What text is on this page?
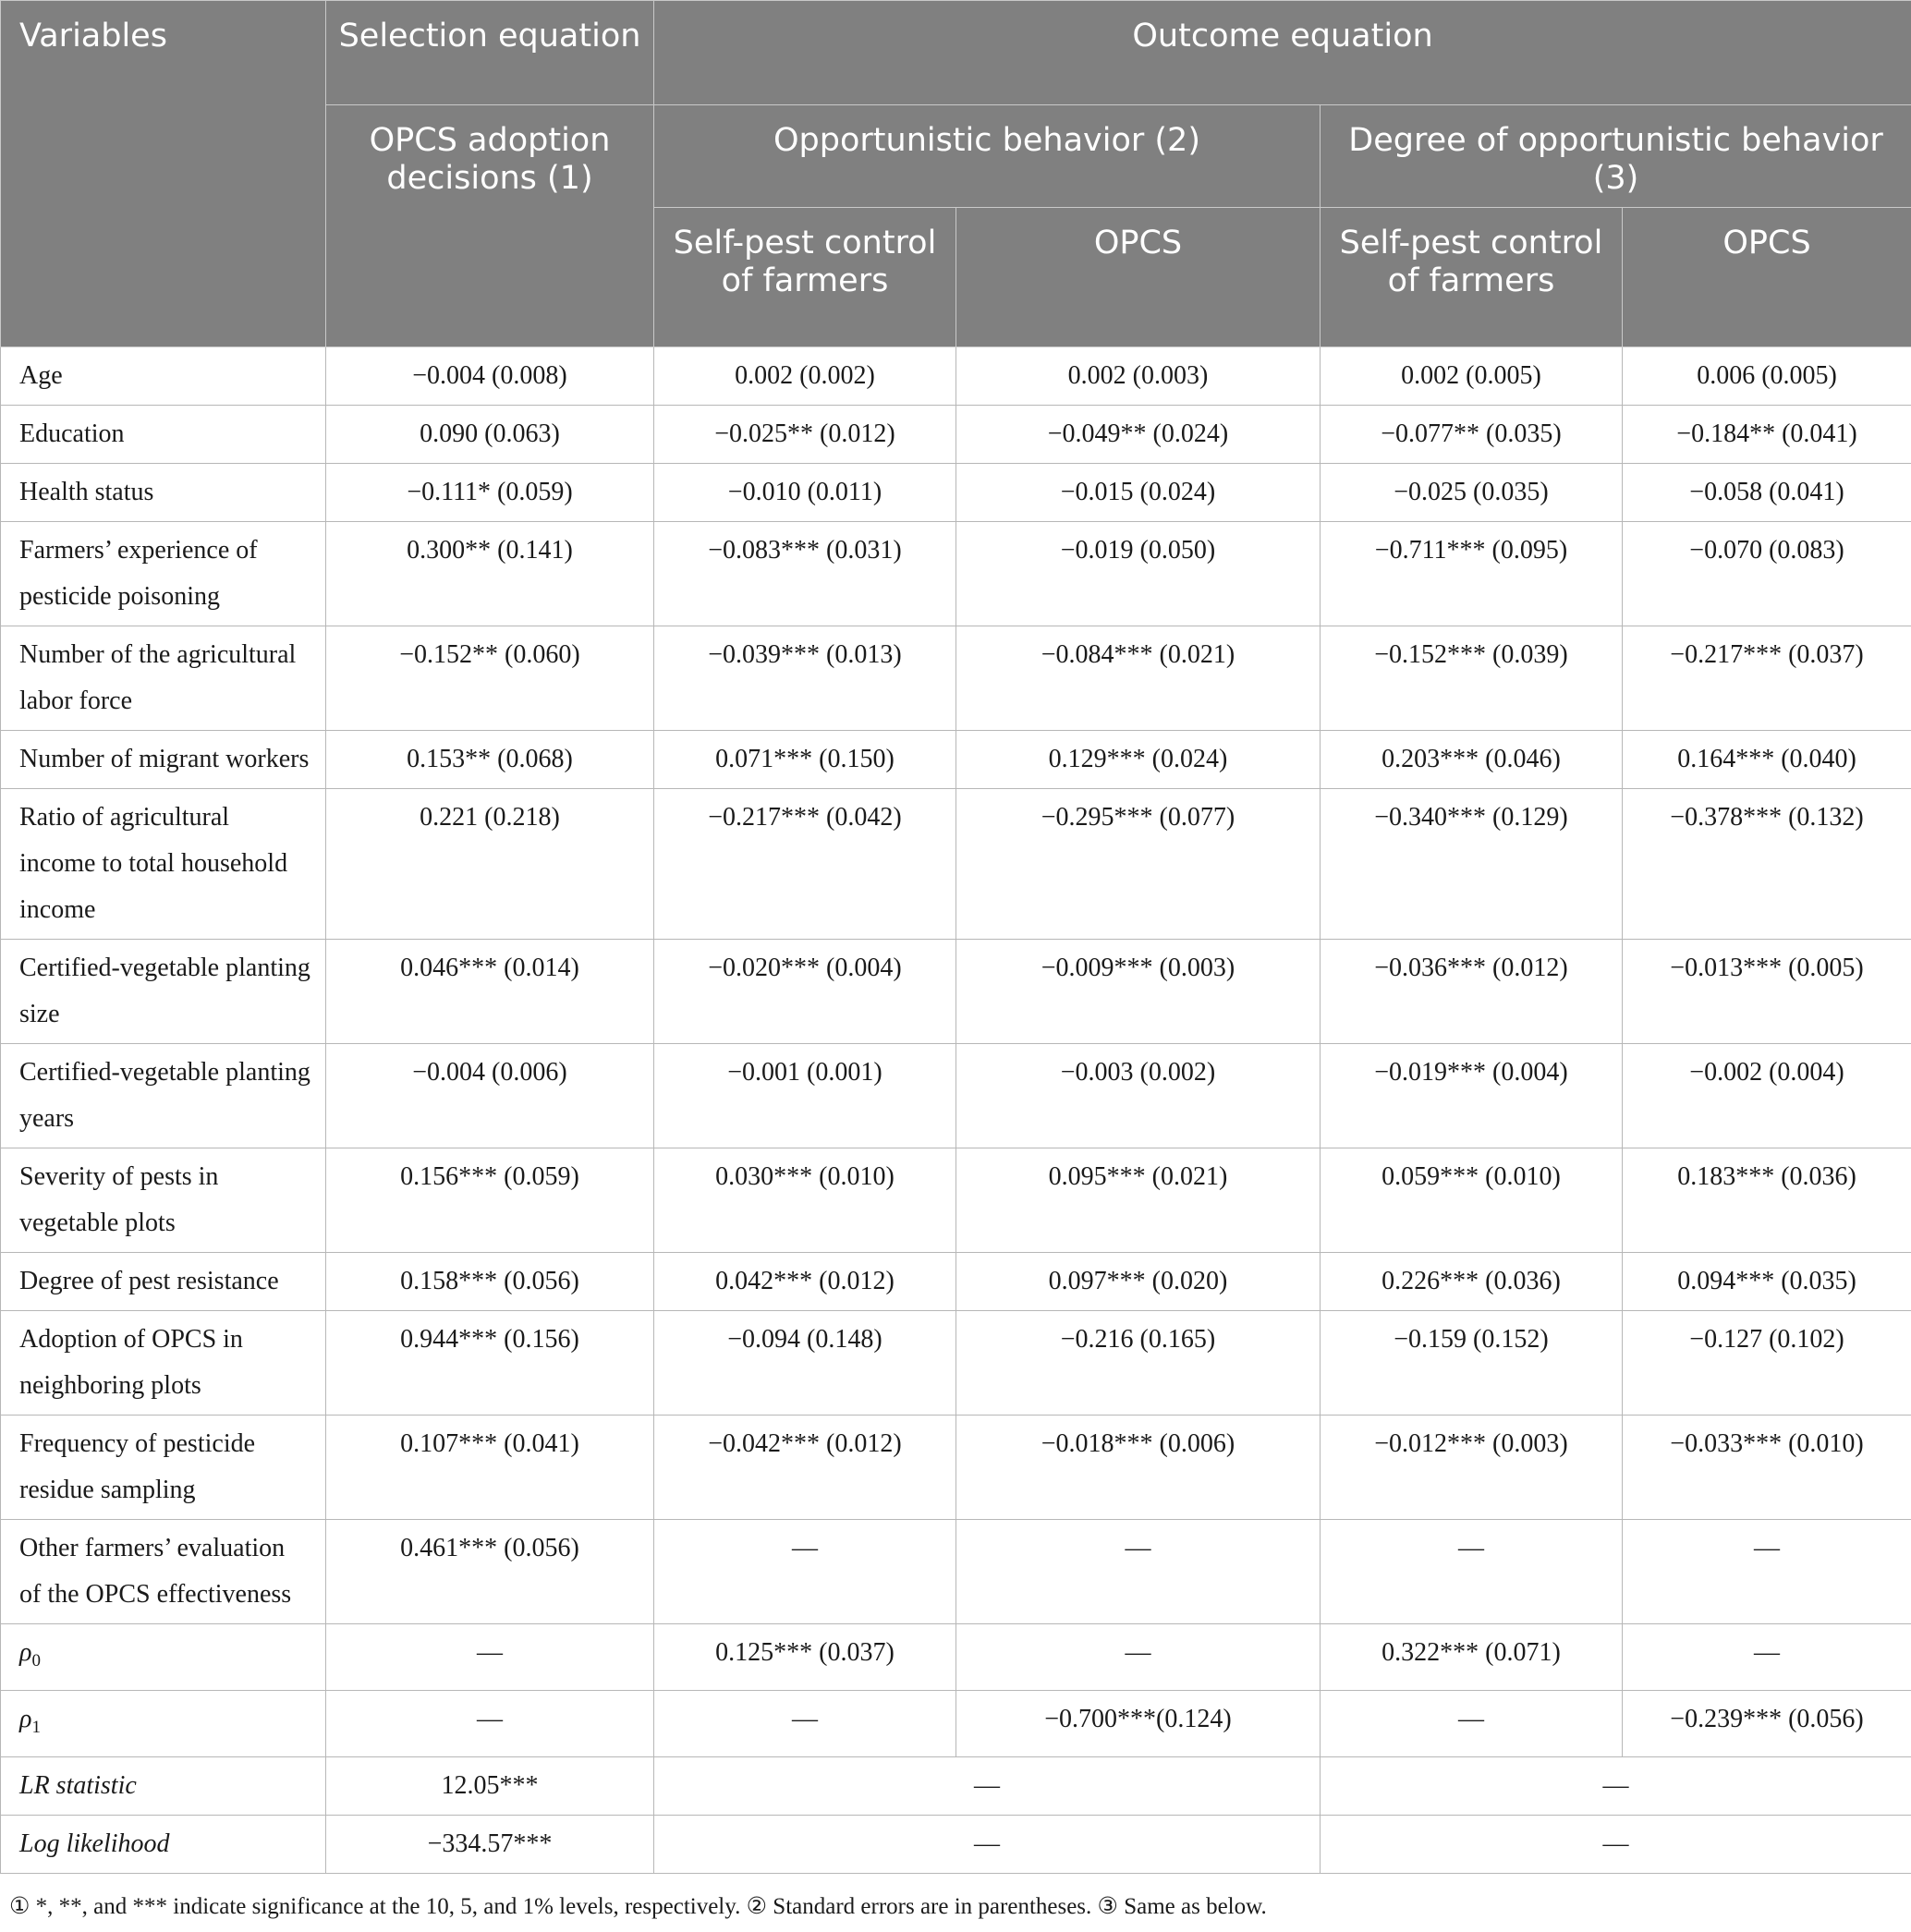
Variables	Selection equation	Outcome equation			
	OPCS adoption decisions (1)	Opportunistic behavior (2)		Degree of opportunistic behavior (3)	
		Self-pest control of farmers	OPCS	Self-pest control of farmers	OPCS
Age	−0.004 (0.008)	0.002 (0.002)	0.002 (0.003)	0.002 (0.005)	0.006 (0.005)
Education	0.090 (0.063)	−0.025** (0.012)	−0.049** (0.024)	−0.077** (0.035)	−0.184** (0.041)
Health status	−0.111* (0.059)	−0.010 (0.011)	−0.015 (0.024)	−0.025 (0.035)	−0.058 (0.041)
Farmers’ experience of pesticide poisoning	0.300** (0.141)	−0.083*** (0.031)	−0.019 (0.050)	−0.711*** (0.095)	−0.070 (0.083)
Number of the agricultural labor force	−0.152** (0.060)	−0.039*** (0.013)	−0.084*** (0.021)	−0.152*** (0.039)	−0.217*** (0.037)
Number of migrant workers	0.153** (0.068)	0.071*** (0.150)	0.129*** (0.024)	0.203*** (0.046)	0.164*** (0.040)
Ratio of agricultural income to total household income	0.221 (0.218)	−0.217*** (0.042)	−0.295*** (0.077)	−0.340*** (0.129)	−0.378*** (0.132)
Certified-vegetable planting size	0.046*** (0.014)	−0.020*** (0.004)	−0.009*** (0.003)	−0.036*** (0.012)	−0.013*** (0.005)
Certified-vegetable planting years	−0.004 (0.006)	−0.001 (0.001)	−0.003 (0.002)	−0.019*** (0.004)	−0.002 (0.004)
Severity of pests in vegetable plots	0.156*** (0.059)	0.030*** (0.010)	0.095*** (0.021)	0.059*** (0.010)	0.183*** (0.036)
Degree of pest resistance	0.158*** (0.056)	0.042*** (0.012)	0.097*** (0.020)	0.226*** (0.036)	0.094*** (0.035)
Adoption of OPCS in neighboring plots	0.944*** (0.156)	−0.094 (0.148)	−0.216 (0.165)	−0.159 (0.152)	−0.127 (0.102)
Frequency of pesticide residue sampling	0.107*** (0.041)	−0.042*** (0.012)	−0.018*** (0.006)	−0.012*** (0.003)	−0.033*** (0.010)
Other farmers’ evaluation of the OPCS effectiveness	0.461*** (0.056)	—	—	—	—
$\rho_0$	—	0.125*** (0.037)	—	0.322*** (0.071)	—
$\rho_1$	—	—	−0.700***(0.124)	—	−0.239*** (0.056)
LR statistic	12.05***	—		—	
Log likelihood	−334.57***	—		—	
① *, **, and *** indicate significance at the 10, 5, and 1% levels, respectively. ② Standard errors are in parentheses. ③ Same as below.
